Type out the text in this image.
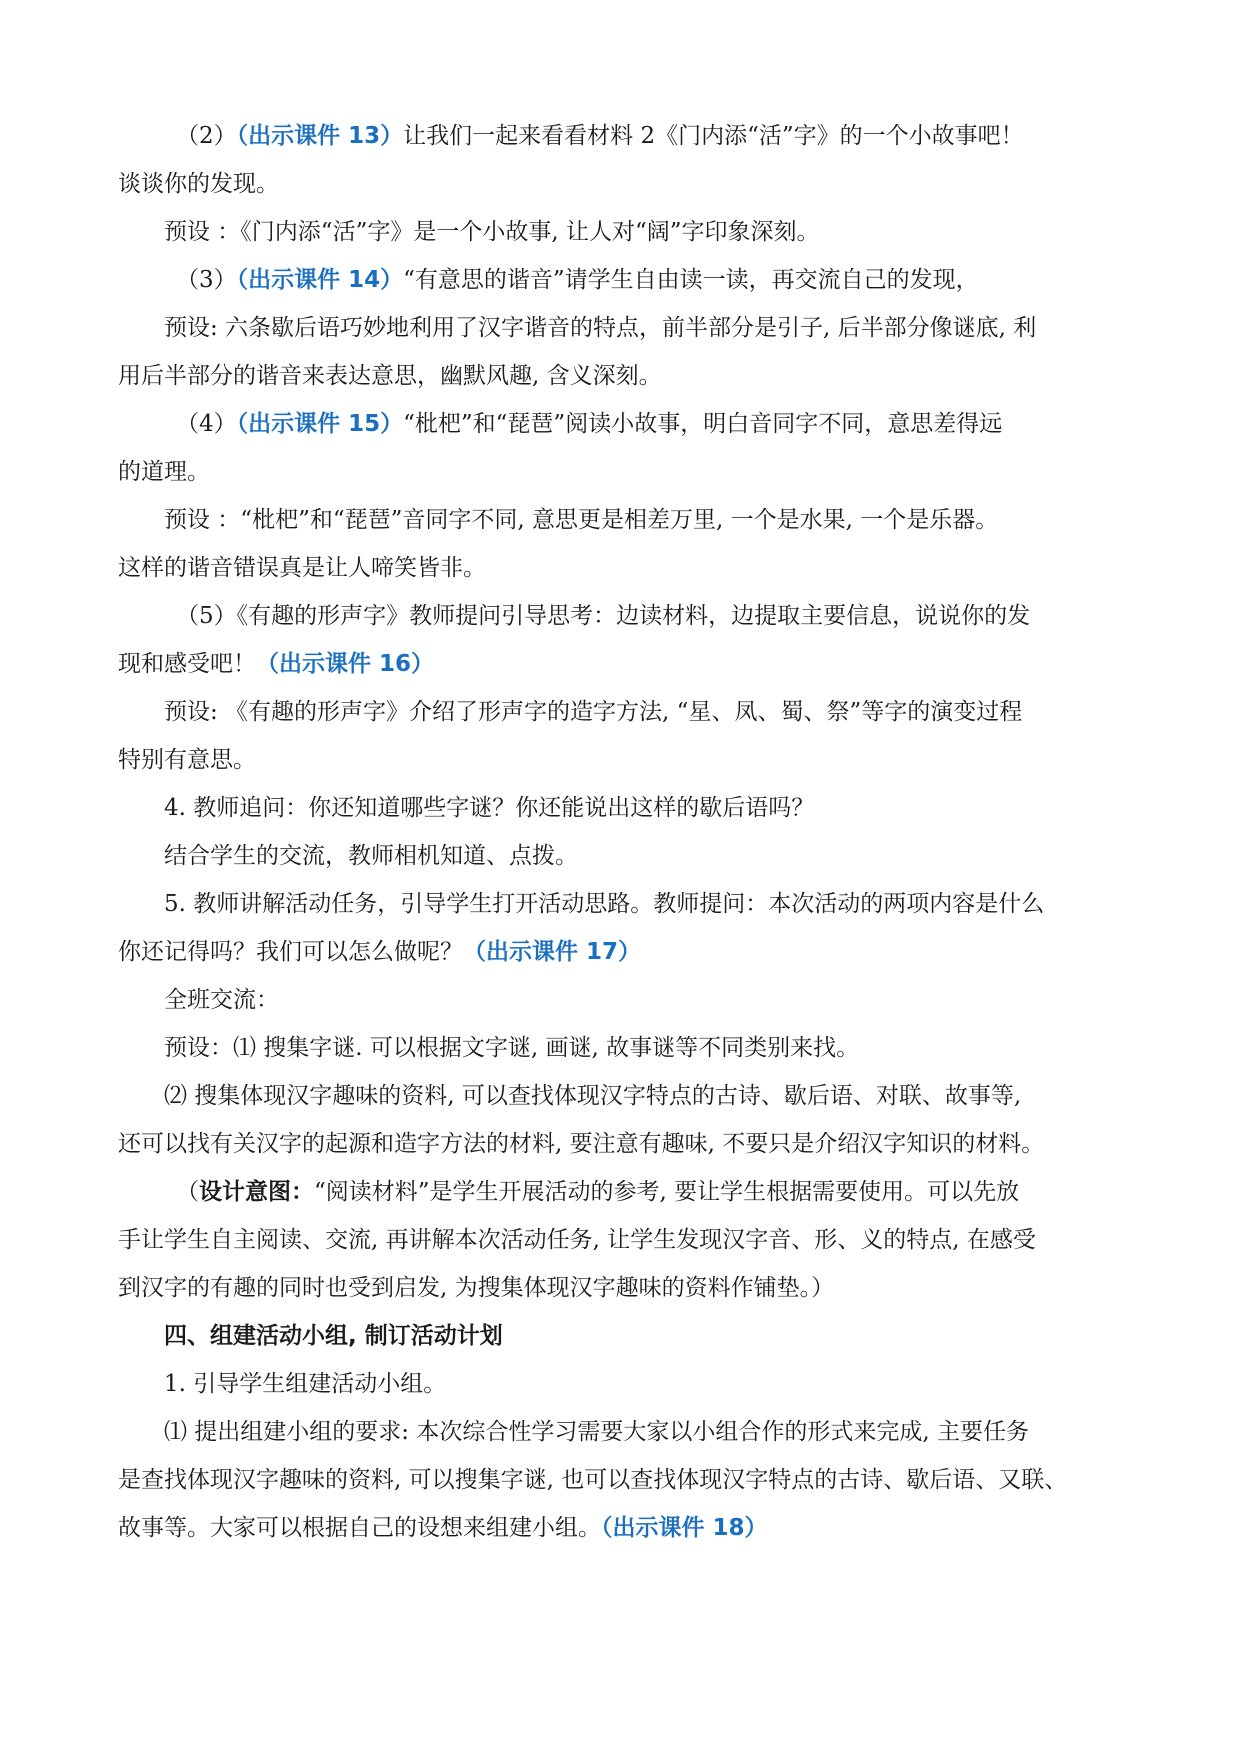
（2）（出示课件 13）让我们一起来看看材料 2《门内添“活”字》的一个小故事吧！

谈谈你的发现。

预设 ：《门内添“活”字》是一个小故事, 让人对“阔”字印象深刻。

（3）（出示课件 14）“有意思的谐音”请学生自由读一读，再交流自己的发现，

预设: 六条歇后语巧妙地利用了汉字谐音的特点，前半部分是引子, 后半部分像谜底, 利

用后半部分的谐音来表达意思，幽默风趣, 含义深刻。

（4）（出示课件 15）“枇杷”和“琵琶”阅读小故事，明白音同字不同，意思差得远

的道理。

预设 ：“枇杷”和“琵琶”音同字不同, 意思更是相差万里, 一个是水果, 一个是乐器。

这样的谐音错误真是让人啼笑皆非。

（5）《有趣的形声字》教师提问引导思考：边读材料，边提取主要信息，说说你的发

现和感受吧！（出示课件 16）

预设: 《有趣的形声字》介绍了形声字的造字方法, “星、凤、蜀、祭”等字的演变过程

特别有意思。

4. 教师追问：你还知道哪些字谜？你还能说出这样的歇后语吗？

结合学生的交流，教师相机知道、点拨。

5. 教师讲解活动任务，引导学生打开活动思路。教师提问：本次活动的两项内容是什么

你还记得吗？我们可以怎么做呢？（出示课件 17）

全班交流：

预设：⑴ 搜集字谜. 可以根据文字谜, 画谜, 故事谜等不同类别来找。

⑵ 搜集体现汉字趣味的资料, 可以查找体现汉字特点的古诗、歇后语、对联、故事等,

还可以找有关汉字的起源和造字方法的材料, 要注意有趣味, 不要只是介绍汉字知识的材料。

（设计意图：“阅读材料”是学生开展活动的参考, 要让学生根据需要使用。可以先放

手让学生自主阅读、交流, 再讲解本次活动任务, 让学生发现汉字音、形、义的特点, 在感受

到汉字的有趣的同时也受到启发, 为搜集体现汉字趣味的资料作铺垫。）

四、组建活动小组, 制订活动计划

1. 引导学生组建活动小组。

⑴ 提出组建小组的要求: 本次综合性学习需要大家以小组合作的形式来完成, 主要任务

是查找体现汉字趣味的资料, 可以搜集字谜, 也可以查找体现汉字特点的古诗、歇后语、又联、

故事等。大家可以根据自己的设想来组建小组。（出示课件 18）
